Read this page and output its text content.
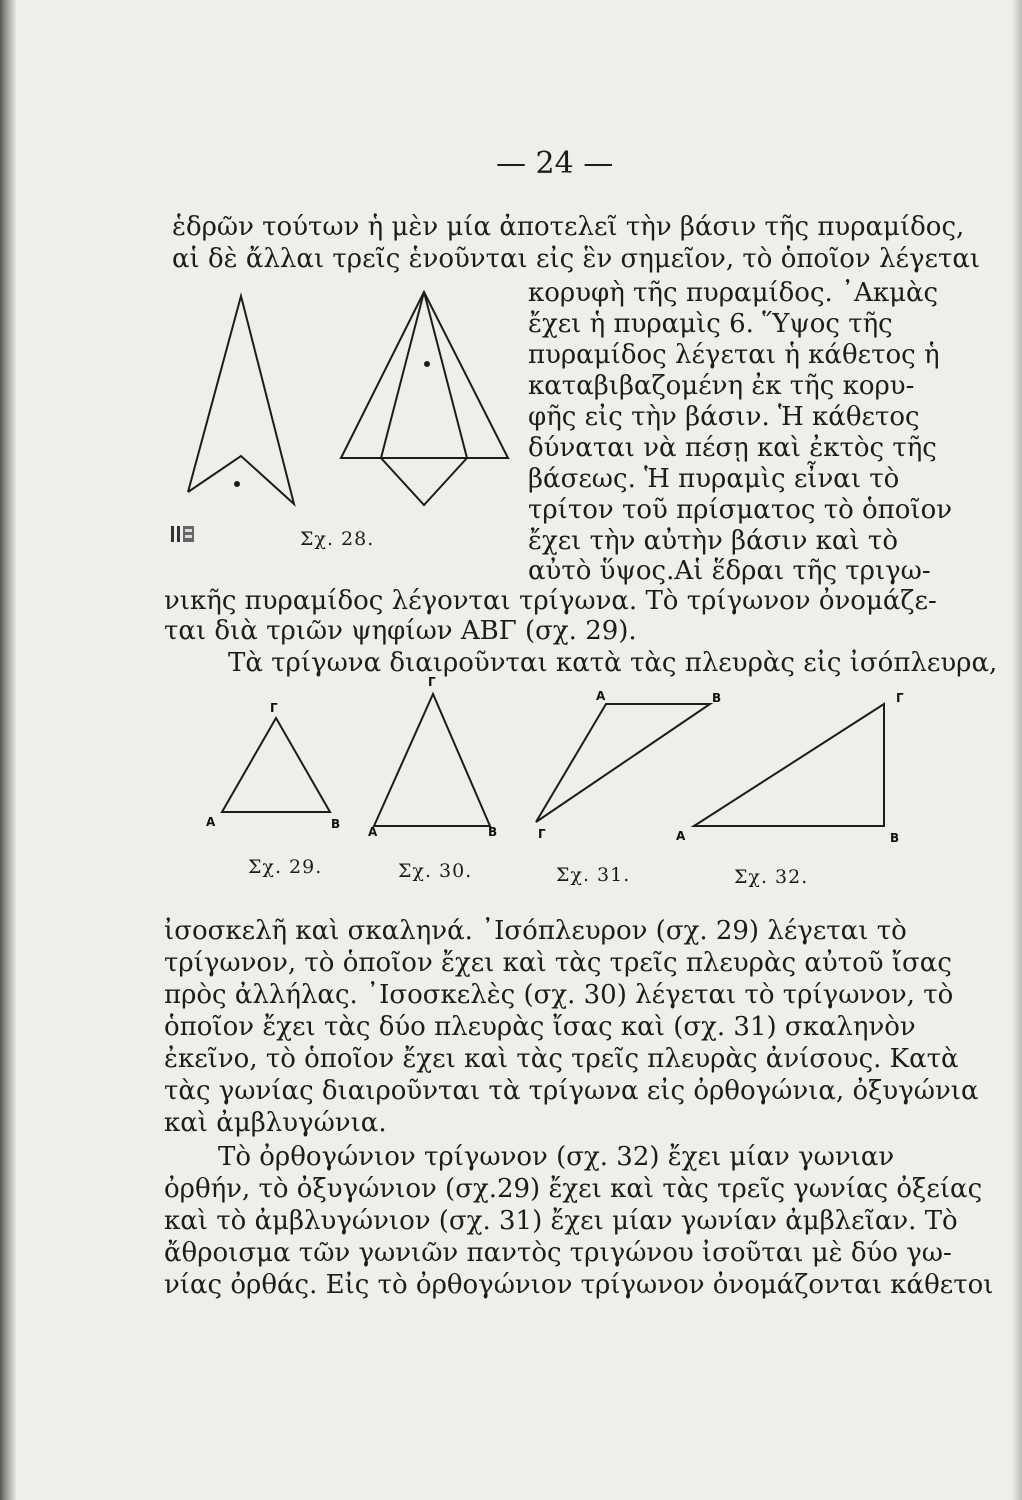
— 24 —
ἑδρῶν τούτων ἡ μὲν μία ἀποτελεῖ τὴν βάσιν τῆς πυραμίδος,
αἱ δὲ ἄλλαι τρεῖς ἑνοῦνται εἰς ἓν σημεῖον, τὸ ὁποῖον λέγεται
κορυφὴ τῆς πυραμίδος. ᾿Ακμὰς
ἔχει ἡ πυραμὶς 6. Ὕψος τῆς
πυραμίδος λέγεται ἡ κάθετος ἡ
καταβιβαζομένη ἐκ τῆς κορυ-
φῆς εἰς τὴν βάσιν. Ἡ κάθετος
δύναται νὰ πέσῃ καὶ ἐκτὸς τῆς
βάσεως. Ἡ πυραμὶς εἶναι τὸ
τρίτον τοῦ πρίσματος τὸ ὁποῖον
ἔχει τὴν αὐτὴν βάσιν καὶ τὸ
αὐτὸ ὕψος.Αἱ ἕδραι τῆς τριγω-
νικῆς πυραμίδος λέγονται τρίγωνα. Τὸ τρίγωνον ὀνομάζε-
ται διὰ τριῶν ψηφίων ΑΒΓ (σχ. 29).
Τὰ τρίγωνα διαιροῦνται κατὰ τὰς πλευρὰς εἰς ἰσόπλευρα,
ἰσοσκελῆ καὶ σκαληνά. ᾿Ισόπλευρον (σχ. 29) λέγεται τὸ
τρίγωνον, τὸ ὁποῖον ἔχει καὶ τὰς τρεῖς πλευρὰς αὐτοῦ ἴσας
πρὸς ἀλλήλας. ᾿Ισοσκελὲς (σχ. 30) λέγεται τὸ τρίγωνον, τὸ
ὁποῖον ἔχει τὰς δύο πλευρὰς ἴσας καὶ (σχ. 31) σκαληνὸν
ἐκεῖνο, τὸ ὁποῖον ἔχει καὶ τὰς τρεῖς πλευρὰς ἀνίσους. Κατὰ
τὰς γωνίας διαιροῦνται τὰ τρίγωνα εἰς ὀρθογώνια, ὀξυγώνια
καὶ ἀμβλυγώνια.
Τὸ ὀρθογώνιον τρίγωνον (σχ. 32) ἔχει μίαν γωνιαν
ὀρθήν, τὸ ὀξυγώνιον (σχ.29) ἔχει καὶ τὰς τρεῖς γωνίας ὀξείας
καὶ τὸ ἀμβλυγώνιον (σχ. 31) ἔχει μίαν γωνίαν ἀμβλεῖαν. Τὸ
ἄθροισμα τῶν γωνιῶν παντὸς τριγώνου ἰσοῦται μὲ δύο γω-
νίας ὀρθάς. Εἰς τὸ ὀρθογώνιον τρίγωνον ὀνομάζονται κάθετοι
Σχ. 28.
Σχ. 29.	Σχ. 30.	Σχ. 31.	Σχ. 32.
Γ
Α	Β
Γ
Α	Β
Α	Β
Γ
Γ
Α	Β
